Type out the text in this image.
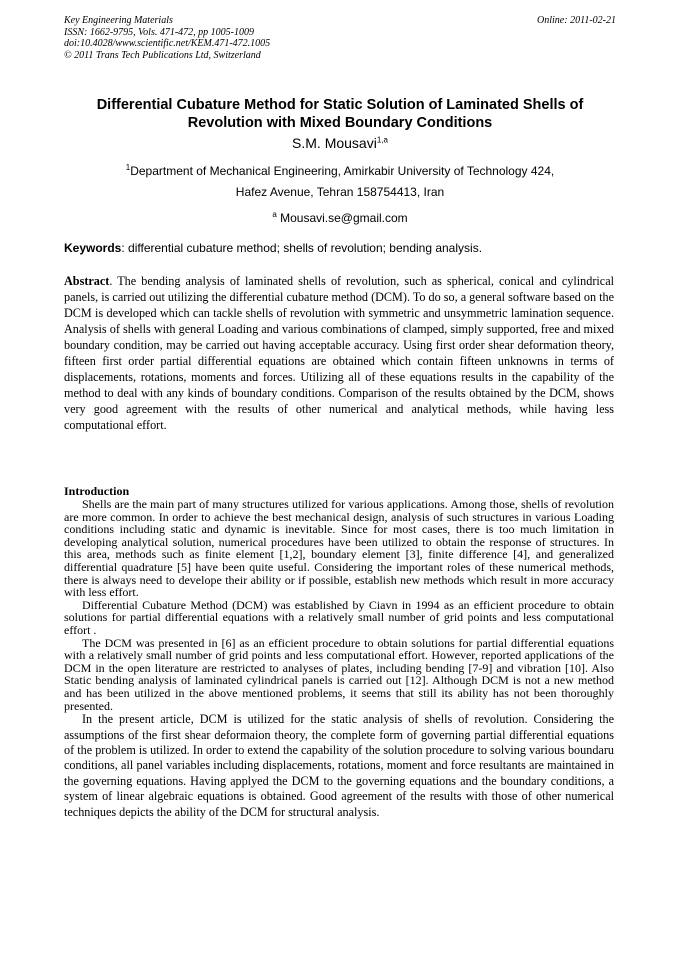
Key Engineering Materials
ISSN: 1662-9795, Vols. 471-472, pp 1005-1009
doi:10.4028/www.scientific.net/KEM.471-472.1005
© 2011 Trans Tech Publications Ltd, Switzerland
Online: 2011-02-21
Differential Cubature Method for Static Solution of Laminated Shells of Revolution with Mixed Boundary Conditions
S.M. Mousavi$^{1,a}$
$^1$Department of Mechanical Engineering, Amirkabir University of Technology 424,
Hafez Avenue, Tehran 158754413, Iran
$^a$ Mousavi.se@gmail.com
Keywords: differential cubature method; shells of revolution; bending analysis.

Abstract. The bending analysis of laminated shells of revolution, such as spherical, conical and cylindrical panels, is carried out utilizing the differential cubature method (DCM). To do so, a general software based on the DCM is developed which can tackle shells of revolution with symmetric and unsymmetric lamination sequence. Analysis of shells with general Loading and various combinations of clamped, simply supported, free and mixed boundary condition, may be carried out having acceptable accuracy. Using first order shear deformation theory, fifteen first order partial differential equations are obtained which contain fifteen unknowns in terms of displacements, rotations, moments and forces. Utilizing all of these equations results in the capability of the method to deal with any kinds of boundary conditions. Comparison of the results obtained by the DCM, shows very good agreement with the results of other numerical and analytical methods, while having less computational effort.

Introduction

Shells are the main part of many structures utilized for various applications. Among those, shells of revolution are more common. In order to achieve the best mechanical design, analysis of such structures in various Loading conditions including static and dynamic is inevitable. Since for most cases, there is too much limitation in developing analytical solution, numerical procedures have been utilized to obtain the response of structures. In this area, methods such as finite element [1,2], boundary element [3], finite difference [4], and generalized differential quadrature [5] have been quite useful. Considering the important roles of these numerical methods, there is always need to develope their ability or if possible, establish new methods which result in more accuracy with less effort.

Differential Cubature Method (DCM) was established by Ciavn in 1994 as an efficient procedure to obtain solutions for partial differential equations with a relatively small number of grid points and less computational effort .

The DCM was presented in [6] as an efficient procedure to obtain solutions for partial differential equations with a relatively small number of grid points and less computational effort. However, reported applications of the DCM in the open literature are restricted to analyses of plates, including bending [7-9] and vibration [10]. Also Static bending analysis of laminated cylindrical panels is carried out [12]. Although DCM is not a new method and has been utilized in the above mentioned problems, it seems that still its ability has not been thoroughly presented.

In the present article, DCM is utilized for the static analysis of shells of revolution. Considering the assumptions of the first shear deformaion theory, the complete form of governing partial differential equations of the problem is utilized. In order to extend the capability of the solution procedure to solving various boundaru conditions, all panel variables including displacements, rotations, moment and force resultants are maintained in the governing equations. Having applyed the DCM to the governing equations and the boundary conditions, a system of linear algebraic equations is obtained. Good agreement of the results with those of other numerical techniques depicts the ability of the DCM for structural analysis.
